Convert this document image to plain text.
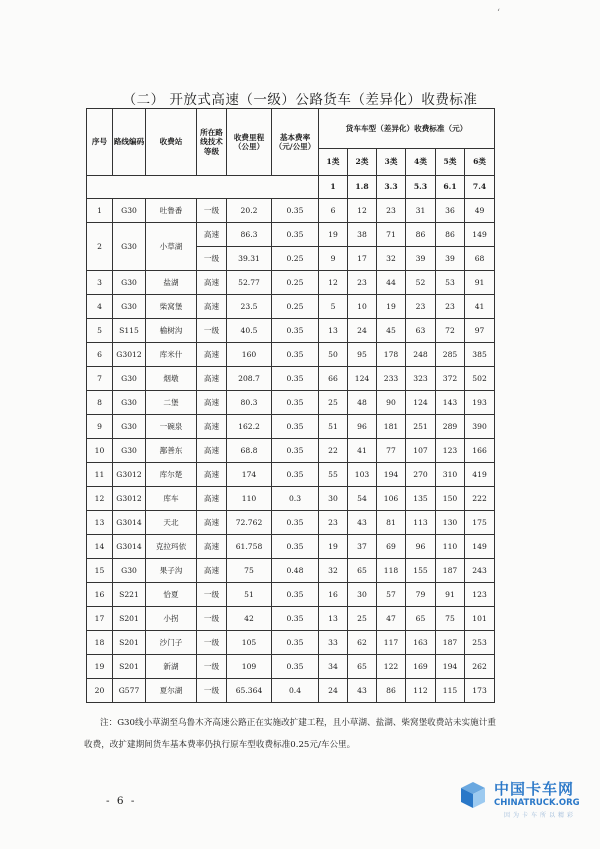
‘
（二） 开放式高速（一级）公路货车（差异化）收费标准
序号	路线编码	收费站	所在路线技术等级	收费里程（公里）	基本费率（元/公里）	货车车型（差异化）收费标准（元）					
						1类	2类	3类	4类	5类	6类
						1	1.8	3.3	5.3	6.1	7.4
1	G30	吐鲁番	一级	20.2	0.35	6	12	23	31	36	49
2	G30	小草湖	高速	86.3	0.35	19	38	71	86	86	149
			一级	39.31	0.25	9	17	32	39	39	68
3	G30	盐湖	高速	52.77	0.25	12	23	44	52	53	91
4	G30	柴窝堡	高速	23.5	0.25	5	10	19	23	23	41
5	S115	榆树沟	一级	40.5	0.35	13	24	45	63	72	97
6	G3012	库米什	高速	160	0.35	50	95	178	248	285	385
7	G30	烟墩	高速	208.7	0.35	66	124	233	323	372	502
8	G30	二堡	高速	80.3	0.35	25	48	90	124	143	193
9	G30	一碗泉	高速	162.2	0.35	51	96	181	251	289	390
10	G30	鄯善东	高速	68.8	0.35	22	41	77	107	123	166
11	G3012	库尔楚	高速	174	0.35	55	103	194	270	310	419
12	G3012	库车	高速	110	0.3	30	54	106	135	150	222
13	G3014	天北	高速	72.762	0.35	23	43	81	113	130	175
14	G3014	克拉玛依	高速	61.758	0.35	19	37	69	96	110	149
15	G30	果子沟	高速	75	0.48	32	65	118	155	187	243
16	S221	恰夏	一级	51	0.35	16	30	57	79	91	123
17	S201	小拐	一级	42	0.35	13	25	47	65	75	101
18	S201	沙门子	一级	105	0.35	33	62	117	163	187	253
19	S201	新湖	一级	109	0.35	34	65	122	169	194	262
20	G577	夏尔湖	一级	65.364	0.4	24	43	86	112	115	173
注：G30线小草湖至乌鲁木齐高速公路正在实施改扩建工程，且小草湖、盐湖、柴窝堡收费站未实施计重收费，改扩建期间货车基本费率仍执行原车型收费标准0.25元/车公里。
- 6 -
中国卡车网
CHINATRUCK.ORG
因为卡车所以精彩
